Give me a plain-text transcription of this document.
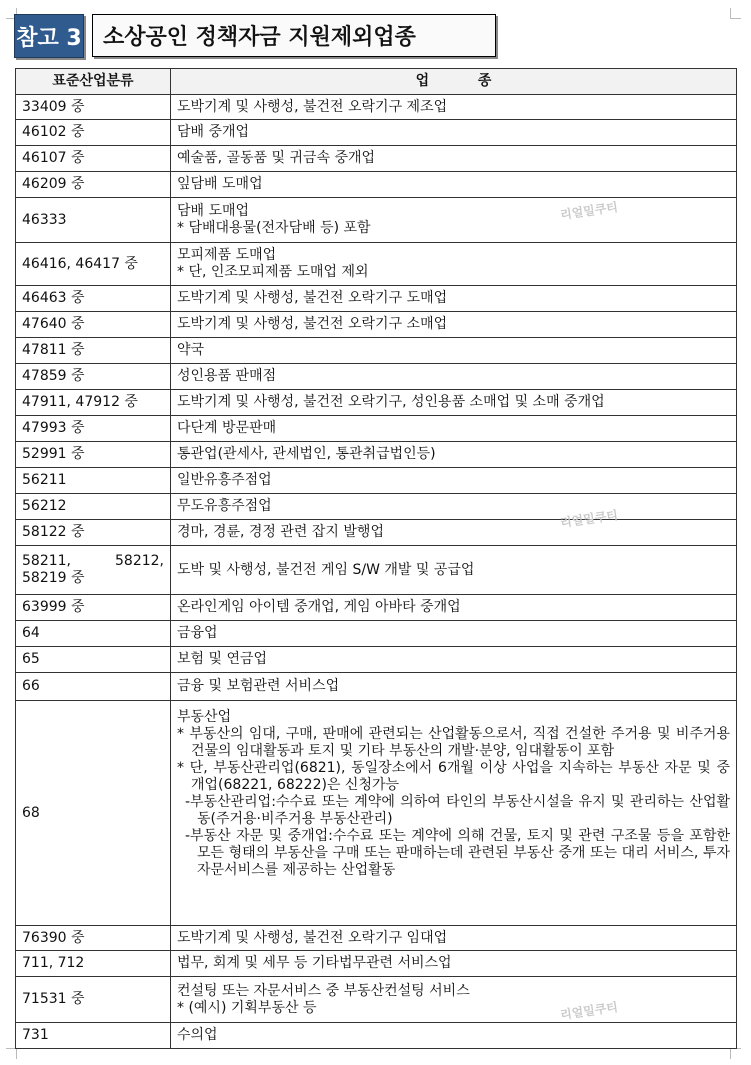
참고 3 소상공인 정책자금 지원제외업종
표준산업분류	업          종
33409 중	도박기계 및 사행성, 불건전 오락기구 제조업

46102 중	담배 중개업

46107 중	예술품, 골동품 및 귀금속 중개업

46209 중	잎담배 도매업

46333	담배 도매업
* 담배대용물(전자담배 등) 포함

46416, 46417 중	모피제품 도매업
* 단, 인조모피제품 도매업 제외

46463 중	도박기계 및 사행성, 불건전 오락기구 도매업

47640 중	도박기계 및 사행성, 불건전 오락기구 소매업

47811 중	약국

47859 중	성인용품 판매점

47911, 47912 중	도박기계 및 사행성, 불건전 오락기구, 성인용품 소매업 및 소매 중개업

47993 중	다단계 방문판매

52991 중	통관업(관세사, 관세법인, 통관취급법인등)

56211	일반유흥주점업

56212	무도유흥주점업

58122 중	경마, 경륜, 경정 관련 잡지 발행업

58211, 58212, 58219 중	도박 및 사행성, 불건전 게임 S/W 개발 및 공급업

63999 중	온라인게임 아이템 중개업, 게임 아바타 중개업

64	금융업

65	보험 및 연금업

66	금융 및 보험관련 서비스업

68	부동산업
* 부동산의 임대, 구매, 판매에 관련되는 산업활동으로서, 직접 건설한 주거용 및 비주거용 건물의 임대활동과 토지 및 기타 부동산의 개발·분양, 임대활동이 포함
* 단, 부동산관리업(6821), 동일장소에서 6개월 이상 사업을 지속하는 부동산 자문 및 중개업(68221, 68222)은 신청가능
-부동산관리업:수수료 또는 계약에 의하여 타인의 부동산시설을 유지 및 관리하는 산업활동(주거용·비주거용 부동산관리)
-부동산 자문 및 중개업:수수료 또는 계약에 의해 건물, 토지 및 관련 구조물 등을 포함한 모든 형태의 부동산을 구매 또는 판매하는데 관련된 부동산 중개 또는 대리 서비스, 투자 자문서비스를 제공하는 산업활동

76390 중	도박기계 및 사행성, 불건전 오락기구 임대업

711, 712	법무, 회계 및 세무 등 기타법무관련 서비스업

71531 중	컨설팅 또는 자문서비스 중 부동산컨설팅 서비스
* (예시) 기획부동산 등

731	수의업
리얼밀쿠티
리얼밀쿠티
리얼밀쿠티
